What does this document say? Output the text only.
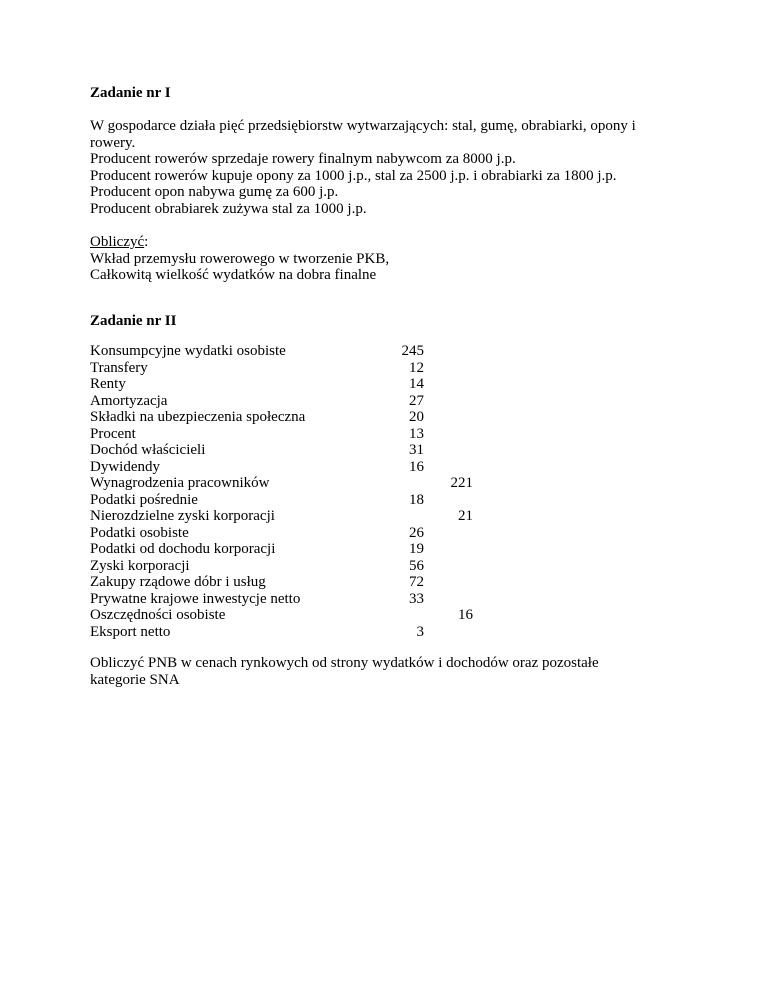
Zadanie nr I
W gospodarce działa pięć przedsiębiorstw wytwarzających: stal, gumę, obrabiarki, opony i
rowery.
Producent rowerów sprzedaje rowery finalnym nabywcom za 8000 j.p.
Producent rowerów kupuje opony za 1000 j.p., stal za 2500 j.p. i obrabiarki za 1800 j.p.
Producent opon nabywa gumę za 600 j.p.
Producent obrabiarek zużywa stal za 1000 j.p.
Obliczyć:
Wkład przemysłu rowerowego w tworzenie PKB,
Całkowitą wielkość wydatków na dobra finalne
Zadanie nr II
Konsumpcyjne wydatki osobiste	245
Transfery	12
Renty	14
Amortyzacja	27
Składki na ubezpieczenia społeczna	20
Procent	13
Dochód właścicieli	31
Dywidendy	16
Wynagrodzenia pracowników	221
Podatki pośrednie	18
Nierozdzielne zyski korporacji	21
Podatki osobiste	26
Podatki od dochodu korporacji	19
Zyski korporacji	56
Zakupy rządowe dóbr i usług	72
Prywatne krajowe inwestycje netto	33
Oszczędności osobiste	16
Eksport netto	3
Obliczyć PNB w cenach rynkowych od strony wydatków i dochodów oraz pozostałe
kategorie SNA
